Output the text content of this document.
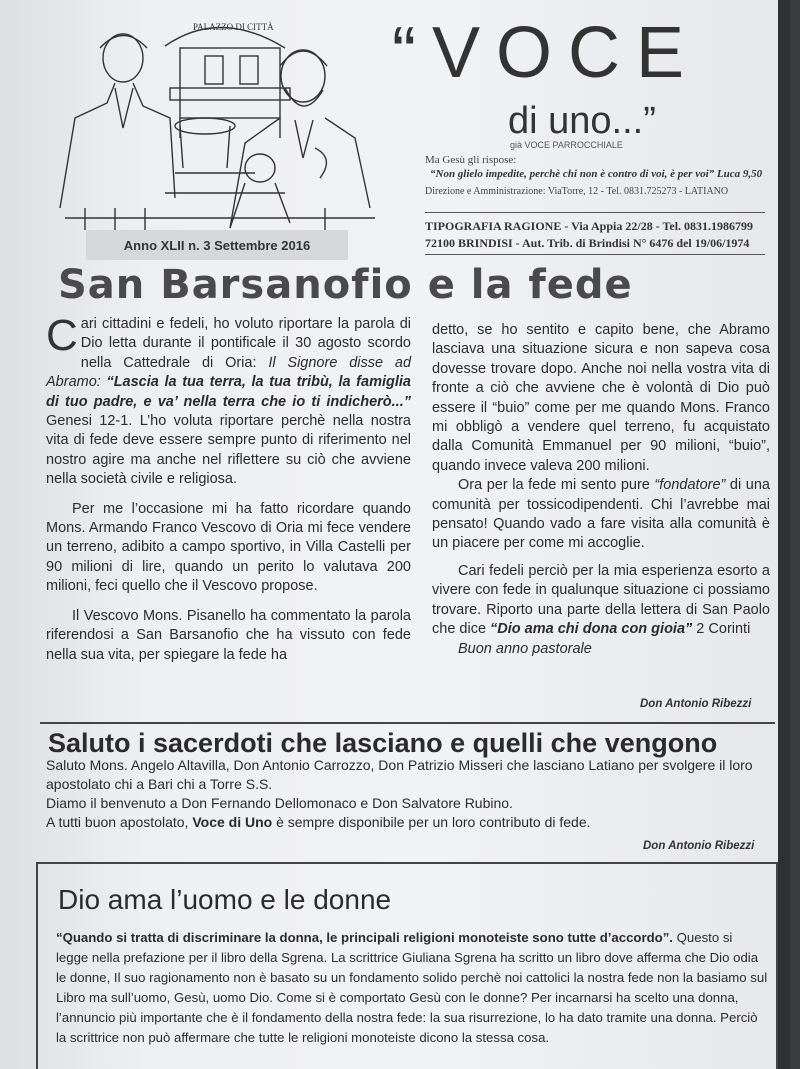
PALAZZO DI CITTÀ
Anno XLII n. 3 Settembre 2016
“VOCE
di uno...”
già VOCE PARROCCHIALE
Ma Gesù gli rispose:
“Non glielo impedite, perchè chi non è contro di voi, è per voi” Luca 9,50
Direzione e Amministrazione: ViaTorre, 12 - Tel. 0831.725273 - LATIANO
TIPOGRAFIA RAGIONE - Via Appia 22/28 - Tel. 0831.1986799
72100 BRINDISI - Aut. Trib. di Brindisi N° 6476 del 19/06/1974
San Barsanofio e la fede

Cari cittadini e fedeli, ho voluto riportare la parola di Dio letta durante il pontificale il 30 agosto scordo nella Cattedrale di Oria: Il Signore disse ad Abramo: “Lascia la tua terra, la tua tribù, la famiglia di tuo padre, e va’ nella terra che io ti indicherò...” Genesi 12-1. L’ho voluta riportare perchè nella nostra vita di fede deve essere sempre punto di riferimento nel nostro agire ma anche nel riflettere su ciò che avviene nella società civile e religiosa.

Per me l’occasione mi ha fatto ricordare quando Mons. Armando Franco Vescovo di Oria mi fece vendere un terreno, adibito a campo sportivo, in Villa Castelli per 90 milioni di lire, quando un perito lo valutava 200 milioni, feci quello che il Vescovo propose.

Il Vescovo Mons. Pisanello ha commentato la parola riferendosi a San Barsanofio che ha vissuto con fede nella sua vita, per spiegare la fede ha

detto, se ho sentito e capito bene, che Abramo lasciava una situazione sicura e non sapeva cosa dovesse trovare dopo. Anche noi nella vostra vita di fronte a ciò che avviene che è volontà di Dio può essere il “buio” come per me quando Mons. Franco mi obbligò a vendere quel terreno, fu acquistato dalla Comunità Emmanuel per 90 milioni, “buio”, quando invece valeva 200 milioni.

Ora per la fede mi sento pure “fondatore” di una comunità per tossicodipendenti. Chi l’avrebbe mai pensato! Quando vado a fare visita alla comunità è un piacere per come mi accoglie.

Cari fedeli perciò per la mia esperienza esorto a vivere con fede in qualunque situazione ci possiamo trovare. Riporto una parte della lettera di San Paolo che dice “Dio ama chi dona con gioia” 2 Corinti

Buon anno pastorale

Don Antonio Ribezzi
Saluto i sacerdoti che lasciano e quelli che vengono
Saluto Mons. Angelo Altavilla, Don Antonio Carrozzo, Don Patrizio Misseri che lasciano Latiano per svolgere il loro apostolato chi a Bari chi a Torre S.S.
Diamo il benvenuto a Don Fernando Dellomonaco e Don Salvatore Rubino.
A tutti buon apostolato, Voce di Uno è sempre disponibile per un loro contributo di fede.
Don Antonio Ribezzi
Dio ama l’uomo e le donne
“Quando si tratta di discriminare la donna, le principali religioni monoteiste sono tutte d’accordo”. Questo si legge nella prefazione per il libro della Sgrena. La scrittrice Giuliana Sgrena ha scritto un libro dove afferma che Dio odia le donne, Il suo ragionamento non è basato su un fondamento solido perchè noi cattolici la nostra fede non la basiamo sul Libro ma sull’uomo, Gesù, uomo Dio. Come si è comportato Gesù con le donne? Per incarnarsi ha scelto una donna, l’annuncio più importante che è il fondamento della nostra fede: la sua risurrezione, lo ha dato tramite una donna. Perciò la scrittrice non può affermare che tutte le religioni monoteiste dicono la stessa cosa.
